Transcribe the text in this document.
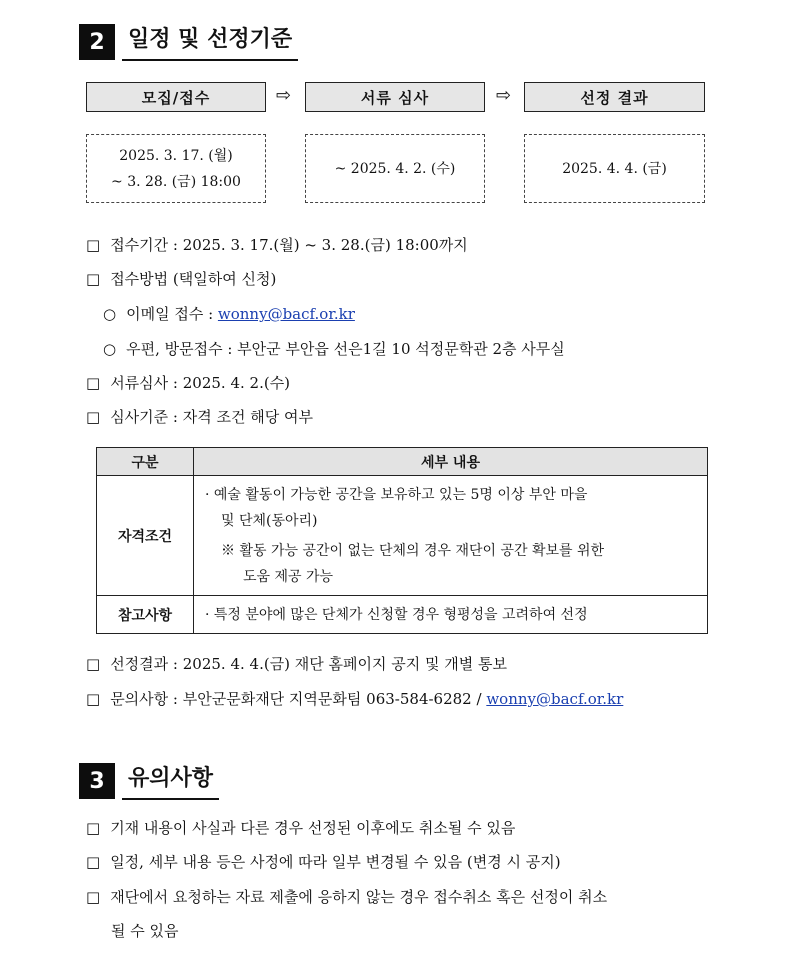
2	일정 및 선정기준
모집/접수	⇨	서류 심사	⇨	선정 결과
2025. 3. 17. (월)
~ 3. 28. (금) 18:00
~ 2025. 4. 2. (수)	2025. 4. 4. (금)
□ 접수기간 : 2025. 3. 17.(월) ~ 3. 28.(금) 18:00까지
□ 접수방법 (택일하여 신청)
○ 이메일 접수 : wonny@bacf.or.kr
○ 우편, 방문접수 : 부안군 부안읍 선은1길 10 석정문학관 2층 사무실
□ 서류심사 : 2025. 4. 2.(수)
□ 심사기준 : 자격 조건 해당 여부
구분	세부 내용
자격조건	· 예술 활동이 가능한 공간을 보유하고 있는 5명 이상 부안 마을

및 단체(동아리)

※ 활동 가능 공간이 없는 단체의 경우 재단이 공간 확보를 위한

도움 제공 가능

참고사항	· 특정 분야에 많은 단체가 신청할 경우 형평성을 고려하여 선정

□ 선정결과 : 2025. 4. 4.(금) 재단 홈페이지 공지 및 개별 통보
□ 문의사항 : 부안군문화재단 지역문화팀 063-584-6282 / wonny@bacf.or.kr
3	유의사항
□ 기재 내용이 사실과 다른 경우 선정된 이후에도 취소될 수 있음
□ 일정, 세부 내용 등은 사정에 따라 일부 변경될 수 있음 (변경 시 공지)
□ 재단에서 요청하는 자료 제출에 응하지 않는 경우 접수취소 혹은 선정이 취소
될 수 있음
